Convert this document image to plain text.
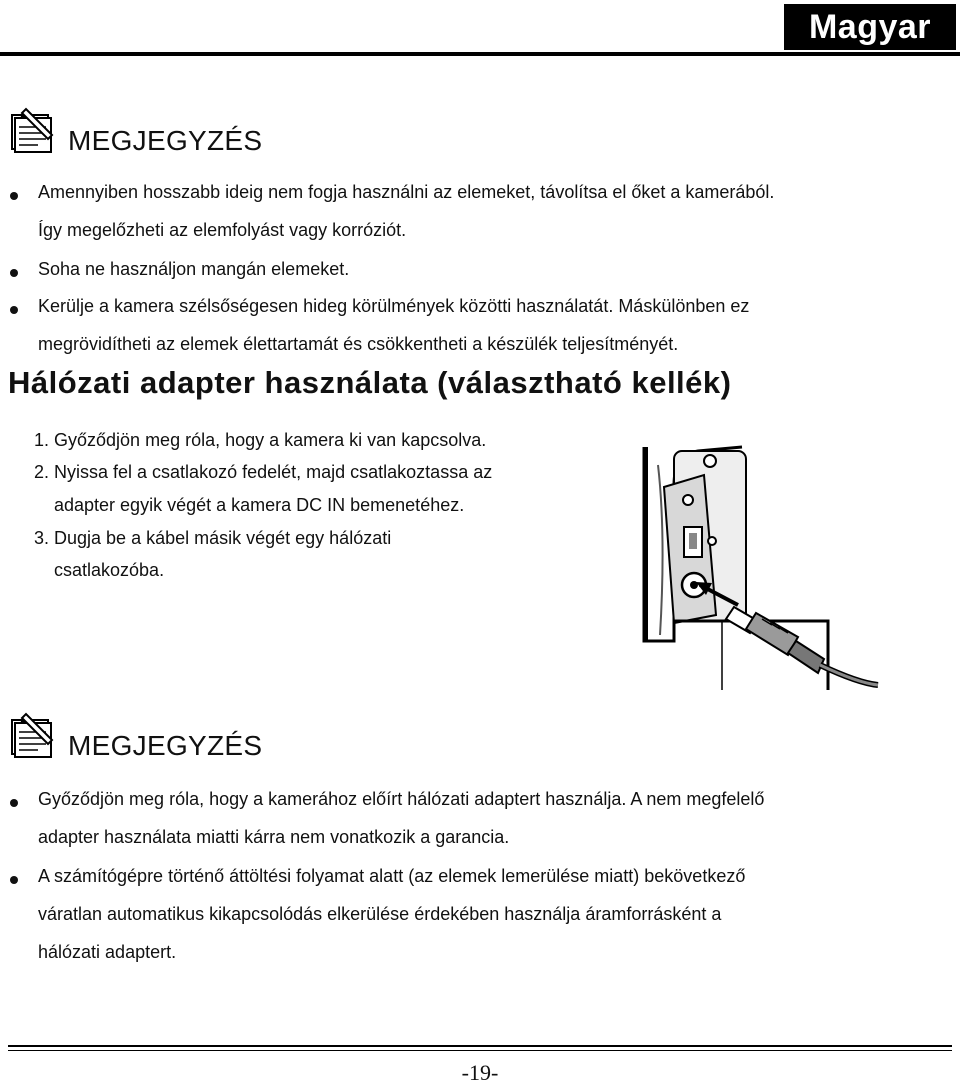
Magyar
MEGJEGYZÉS
Amennyiben hosszabb ideig nem fogja használni az elemeket, távolítsa el őket a kamerából.
Így megelőzheti az elemfolyást vagy korróziót.
Soha ne használjon mangán elemeket.
Kerülje a kamera szélsőségesen hideg körülmények közötti használatát. Máskülönben ez
megrövidítheti az elemek élettartamát és csökkentheti a készülék teljesítményét.
Hálózati adapter használata (választható kellék)
1. Győződjön meg róla, hogy a kamera ki van kapcsolva.
2. Nyissa fel a csatlakozó fedelét, majd csatlakoztassa az
adapter egyik végét a kamera DC IN bemenetéhez.
3. Dugja be a kábel másik végét egy hálózati
csatlakozóba.
MEGJEGYZÉS
Győződjön meg róla, hogy a kamerához előírt hálózati adaptert használja. A nem megfelelő
adapter használata miatti kárra nem vonatkozik a garancia.
A számítógépre történő áttöltési folyamat alatt (az elemek lemerülése miatt) bekövetkező
váratlan automatikus kikapcsolódás elkerülése érdekében használja áramforrásként a
hálózati adaptert.
-19-
